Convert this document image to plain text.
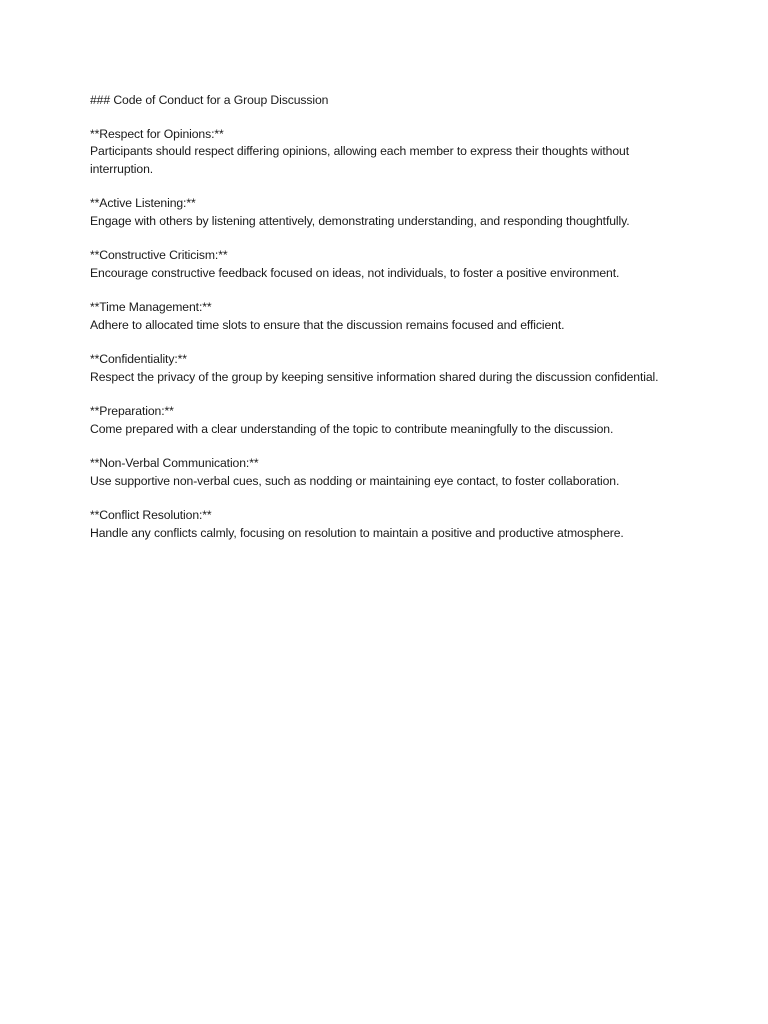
### Code of Conduct for a Group Discussion
**Respect for Opinions:**
Participants should respect differing opinions, allowing each member to express their thoughts without interruption.
**Active Listening:**
Engage with others by listening attentively, demonstrating understanding, and responding thoughtfully.
**Constructive Criticism:**
Encourage constructive feedback focused on ideas, not individuals, to foster a positive environment.
**Time Management:**
Adhere to allocated time slots to ensure that the discussion remains focused and efficient.
**Confidentiality:**
Respect the privacy of the group by keeping sensitive information shared during the discussion confidential.
**Preparation:**
Come prepared with a clear understanding of the topic to contribute meaningfully to the discussion.
**Non-Verbal Communication:**
Use supportive non-verbal cues, such as nodding or maintaining eye contact, to foster collaboration.
**Conflict Resolution:**
Handle any conflicts calmly, focusing on resolution to maintain a positive and productive atmosphere.
